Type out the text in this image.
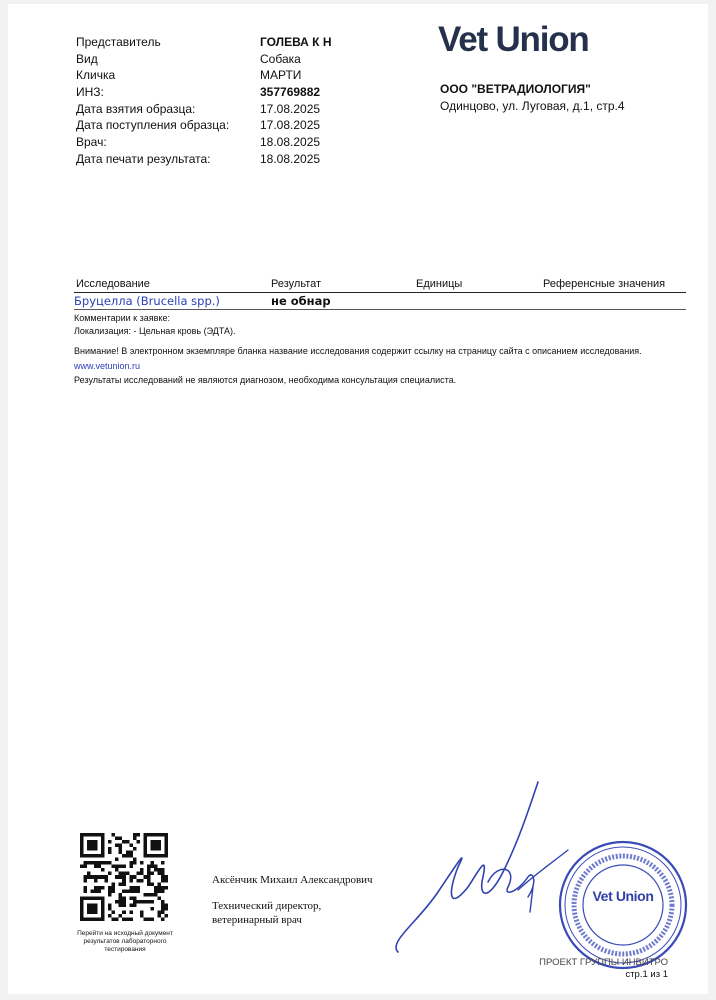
Представитель	ГОЛЕВА К Н
Вид	Собака
Кличка	МАРТИ
ИНЗ:	357769882
Дата взятия образца:	17.08.2025
Дата поступления образца:	17.08.2025
Врач:	18.08.2025
Дата печати результата:	18.08.2025
Vet Union
ООО "ВЕТРАДИОЛОГИЯ"
Одинцово, ул. Луговая, д.1, стр.4
Исследование	Результат	Единицы	Референсные значения
Бруцелла (Brucella spp.)	не обнар
Комментарии к заявке:
Локализация: - Цельная кровь (ЭДТА).
Внимание! В электронном экземпляре бланка название исследования содержит ссылку на страницу сайта с описанием исследования.
www.vetunion.ru
Результаты исследований не являются диагнозом, необходима консультация специалиста.
Перейти на исходный документ результатов лабораторного тестирования
Аксёнчик Михаил Александрович
Технический директор,
ветеринарный врач
Vet Union
ПРОЕКТ ГРУППЫ ИНВИТРО
стр.1 из 1
